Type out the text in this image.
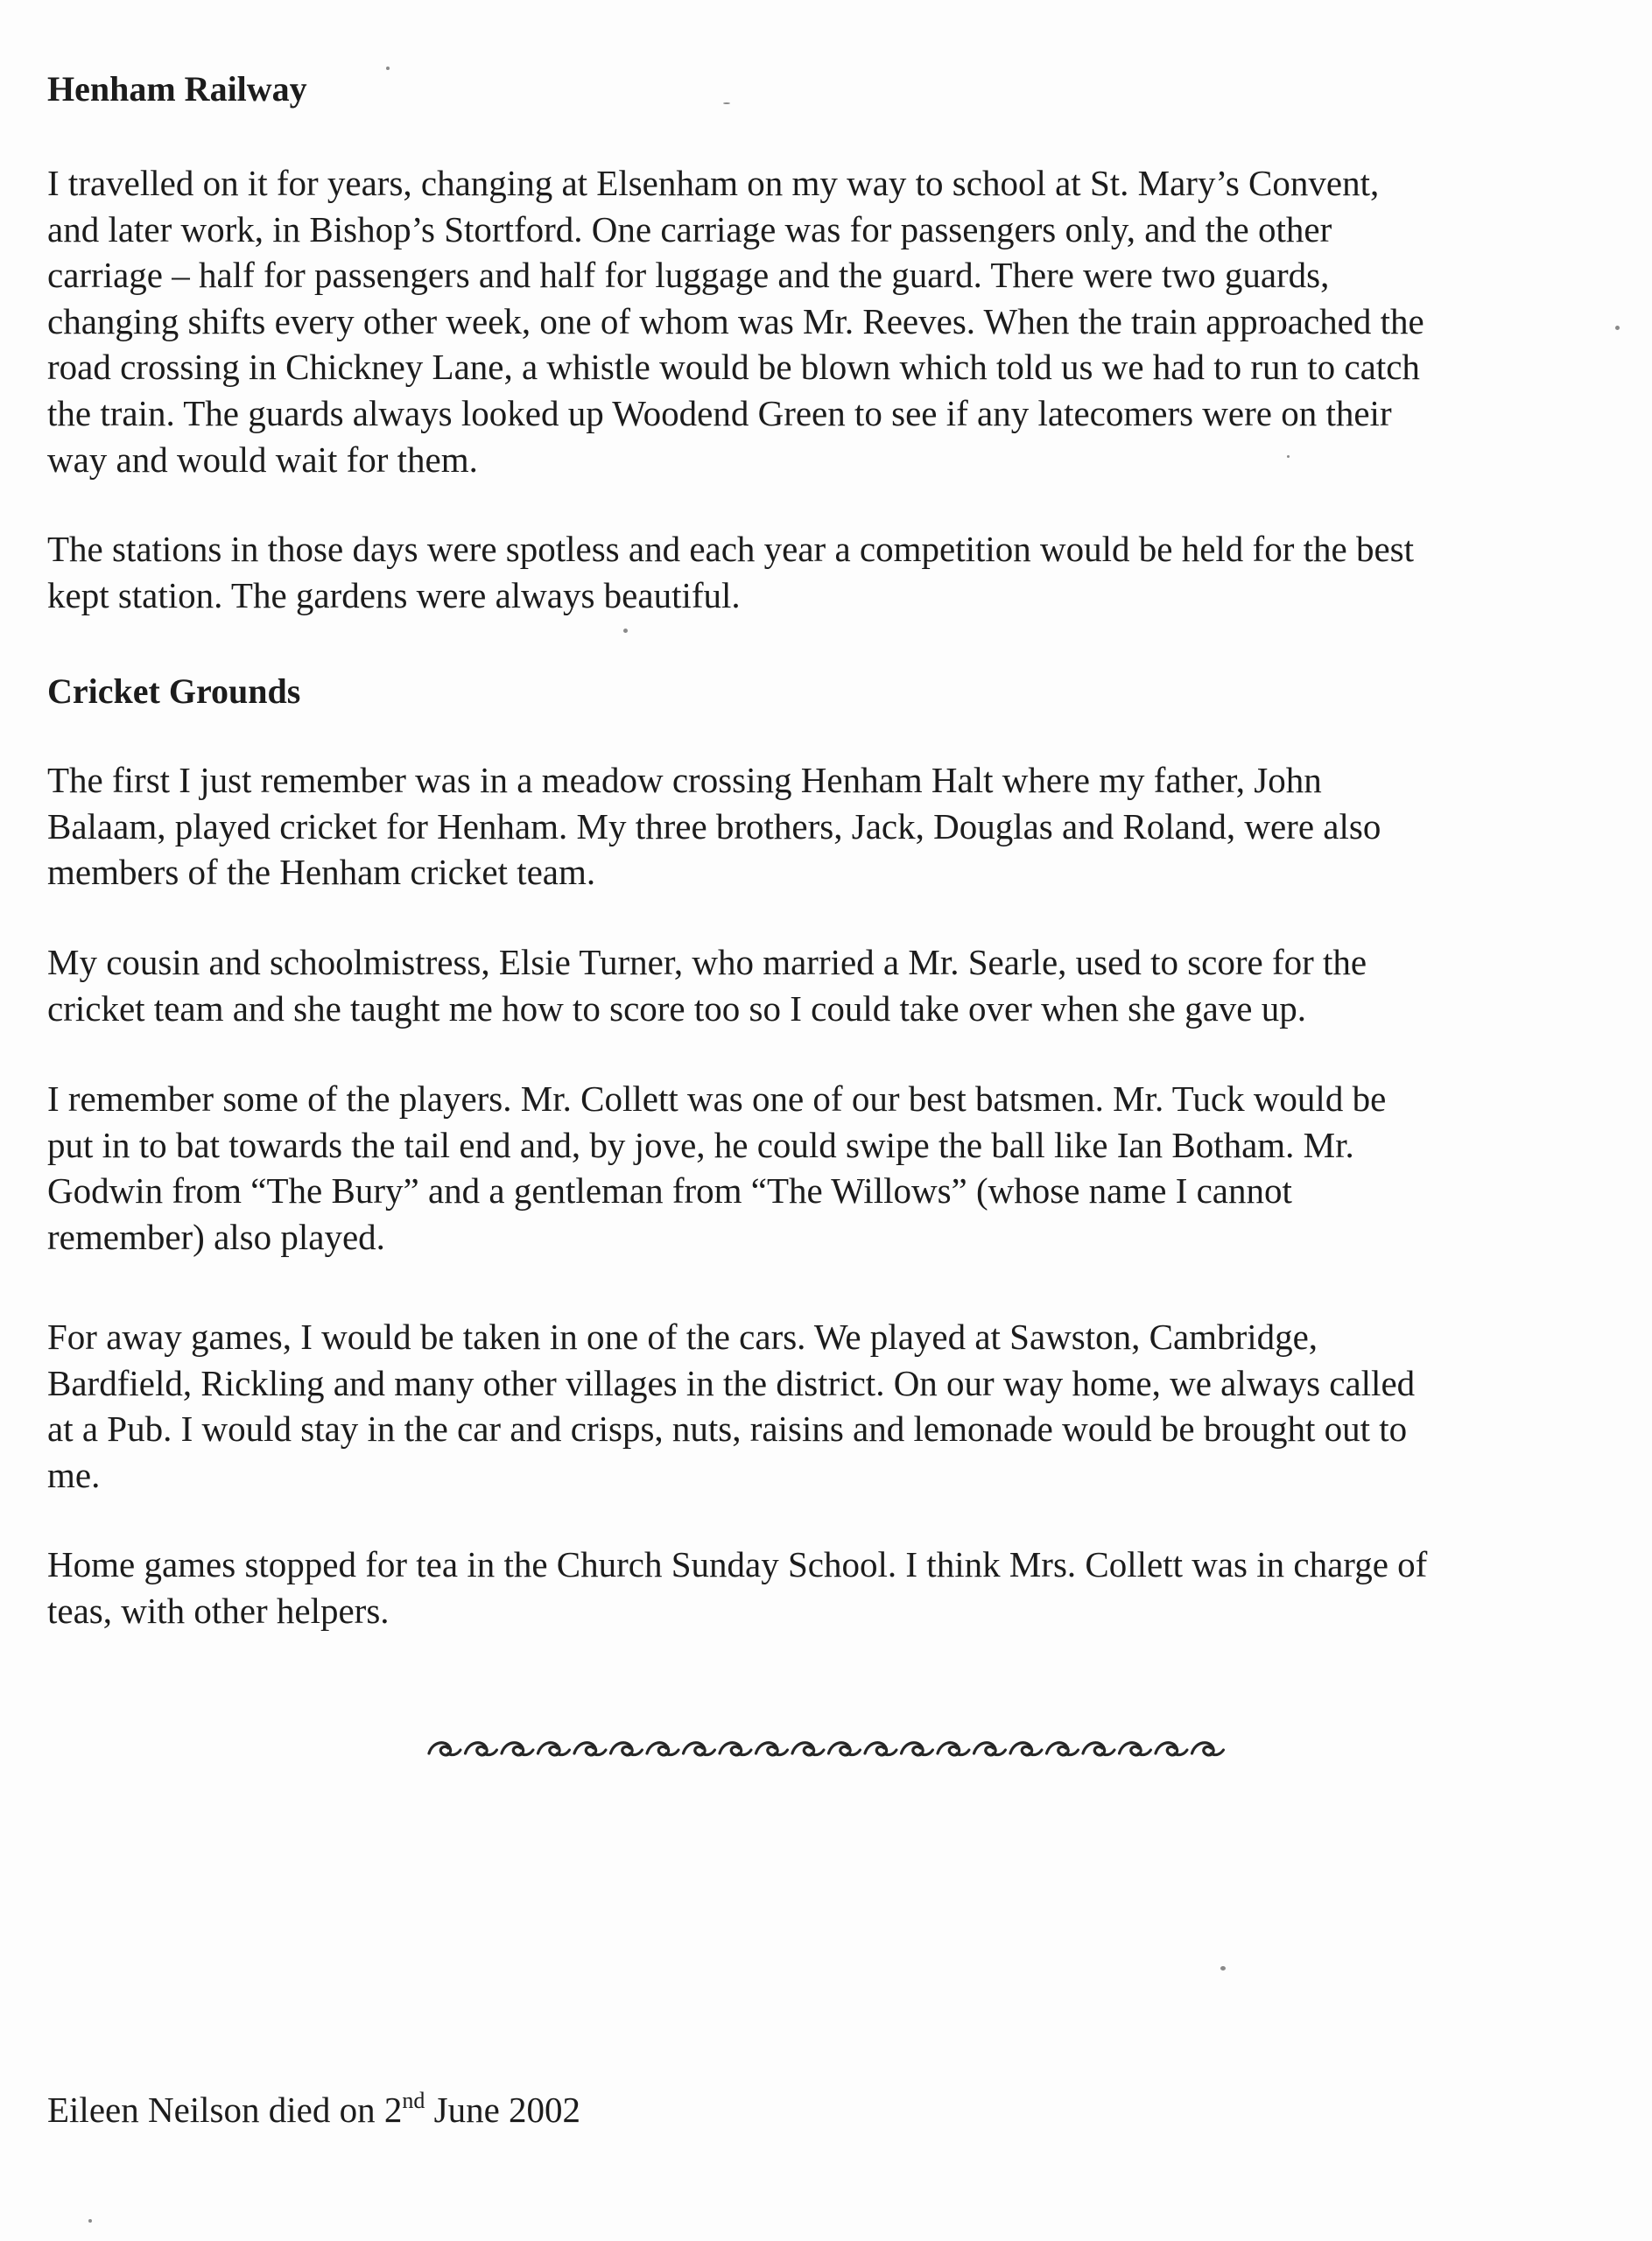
Henham Railway

I travelled on it for years, changing at Elsenham on my way to school at St. Mary’s Convent,
and later work, in Bishop’s Stortford. One carriage was for passengers only, and the other
carriage – half for passengers and half for luggage and the guard. There were two guards,
changing shifts every other week, one of whom was Mr. Reeves. When the train approached the
road crossing in Chickney Lane, a whistle would be blown which told us we had to run to catch
the train. The guards always looked up Woodend Green to see if any latecomers were on their
way and would wait for them.

The stations in those days were spotless and each year a competition would be held for the best
kept station. The gardens were always beautiful.

Cricket Grounds

The first I just remember was in a meadow crossing Henham Halt where my father, John
Balaam, played cricket for Henham. My three brothers, Jack, Douglas and Roland, were also
members of the Henham cricket team.

My cousin and schoolmistress, Elsie Turner, who married a Mr. Searle, used to score for the
cricket team and she taught me how to score too so I could take over when she gave up.

I remember some of the players. Mr. Collett was one of our best batsmen. Mr. Tuck would be
put in to bat towards the tail end and, by jove, he could swipe the ball like Ian Botham. Mr.
Godwin from “The Bury” and a gentleman from “The Willows” (whose name I cannot
remember) also played.

For away games, I would be taken in one of the cars. We played at Sawston, Cambridge,
Bardfield, Rickling and many other villages in the district. On our way home, we always called
at a Pub. I would stay in the car and crisps, nuts, raisins and lemonade would be brought out to
me.

Home games stopped for tea in the Church Sunday School. I think Mrs. Collett was in charge of
teas, with other helpers.

Eileen Neilson died on 2nd June 2002
